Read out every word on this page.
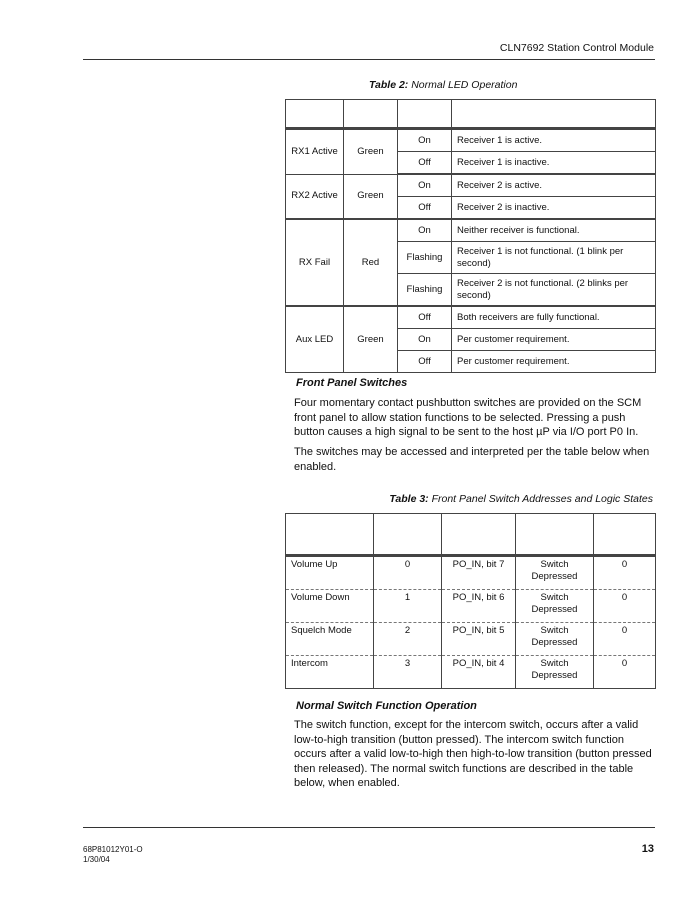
CLN7692 Station Control Module
Table 2: Normal LED Operation

RX1 Active	Green	On	Receiver 1 is active.
		Off	Receiver 1 is inactive.
RX2 Active	Green	On	Receiver 2 is active.
		Off	Receiver 2 is inactive.
RX Fail	Red	On	Neither receiver is functional.
		Flashing	Receiver 1 is not functional. (1 blink per second)
		Flashing	Receiver 2 is not functional. (2 blinks per second)
Aux LED	Green	Off	Both receivers are fully functional.
		On	Per customer requirement.
		Off	Per customer requirement.
Front Panel Switches
Four momentary contact pushbutton switches are provided on the SCM front panel to allow station functions to be selected. Pressing a push button causes a high signal to be sent to the host µP via I/O port P0 In.
The switches may be accessed and interpreted per the table below when enabled.
Table 3: Front Panel Switch Addresses and Logic States

Volume Up	0	PO_IN, bit 7	Switch Depressed	0
Volume Down	1	PO_IN, bit 6	Switch Depressed	0
Squelch Mode	2	PO_IN, bit 5	Switch Depressed	0
Intercom	3	PO_IN, bit 4	Switch Depressed	0
Normal Switch Function Operation
The switch function, except for the intercom switch, occurs after a valid low-to-high transition (button pressed). The intercom switch function occurs after a valid low-to-high then high-to-low transition (button pressed then released). The normal switch functions are described in the table below, when enabled.
68P81012Y01-O
1/30/04
13
